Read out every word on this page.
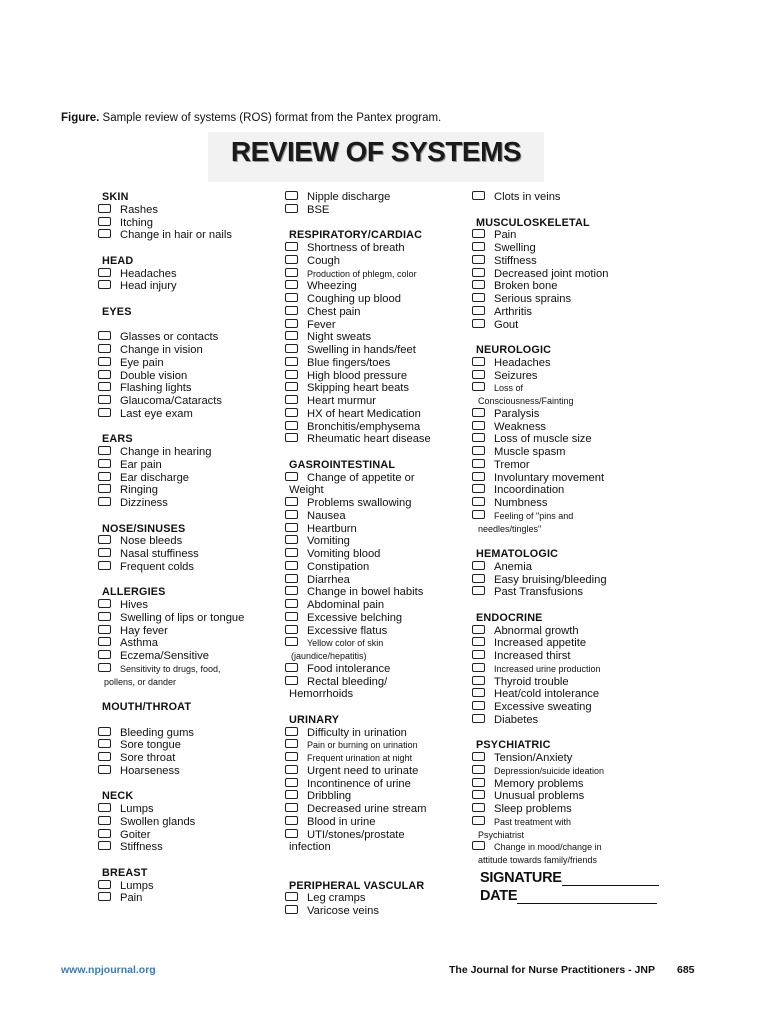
Figure. Sample review of systems (ROS) format from the Pantex program.
REVIEW OF SYSTEMS
SKIN
Rashes
Itching
Change in hair or nails
HEAD
Headaches
Head injury
EYES
Glasses or contacts
Change in vision
Eye pain
Double vision
Flashing lights
Glaucoma/Cataracts
Last eye exam
EARS
Change in hearing
Ear pain
Ear discharge
Ringing
Dizziness
NOSE/SINUSES
Nose bleeds
Nasal stuffiness
Frequent colds
ALLERGIES
Hives
Swelling of lips or tongue
Hay fever
Asthma
Eczema/Sensitive
Sensitivity to drugs, food,
pollens, or dander
MOUTH/THROAT
Bleeding gums
Sore tongue
Sore throat
Hoarseness
NECK
Lumps
Swollen glands
Goiter
Stiffness
BREAST
Lumps
Pain
Nipple discharge
BSE
RESPIRATORY/CARDIAC
Shortness of breath
Cough
Production of phlegm, color
Wheezing
Coughing up blood
Chest pain
Fever
Night sweats
Swelling in hands/feet
Blue fingers/toes
High blood pressure
Skipping heart beats
Heart murmur
HX of heart Medication
Bronchitis/emphysema
Rheumatic heart disease
GASROINTESTINAL
Change of appetite or
Weight
Problems swallowing
Nausea
Heartburn
Vomiting
Vomiting blood
Constipation
Diarrhea
Change in bowel habits
Abdominal pain
Excessive belching
Excessive flatus
Yellow color of skin
(jaundice/hepatitis)
Food intolerance
Rectal bleeding/
Hemorrhoids
URINARY
Difficulty in urination
Pain or burning on urination
Frequent urination at night
Urgent need to urinate
Incontinence of urine
Dribbling
Decreased urine stream
Blood in urine
UTI/stones/prostate
infection
PERIPHERAL VASCULAR
Leg cramps
Varicose veins
Clots in veins
MUSCULOSKELETAL
Pain
Swelling
Stiffness
Decreased joint motion
Broken bone
Serious sprains
Arthritis
Gout
NEUROLOGIC
Headaches
Seizures
Loss of
Consciousness/Fainting
Paralysis
Weakness
Loss of muscle size
Muscle spasm
Tremor
Involuntary movement
Incoordination
Numbness
Feeling of "pins and
needles/tingles"
HEMATOLOGIC
Anemia
Easy bruising/bleeding
Past Transfusions
ENDOCRINE
Abnormal growth
Increased appetite
Increased thirst
Increased urine production
Thyroid trouble
Heat/cold intolerance
Excessive sweating
Diabetes
PSYCHIATRIC
Tension/Anxiety
Depression/suicide ideation
Memory problems
Unusual problems
Sleep problems
Past treatment with
Psychiatrist
Change in mood/change in
attitude towards family/friends
SIGNATURE
DATE
www.npjournal.org	The Journal for Nurse Practitioners - JNP 685
